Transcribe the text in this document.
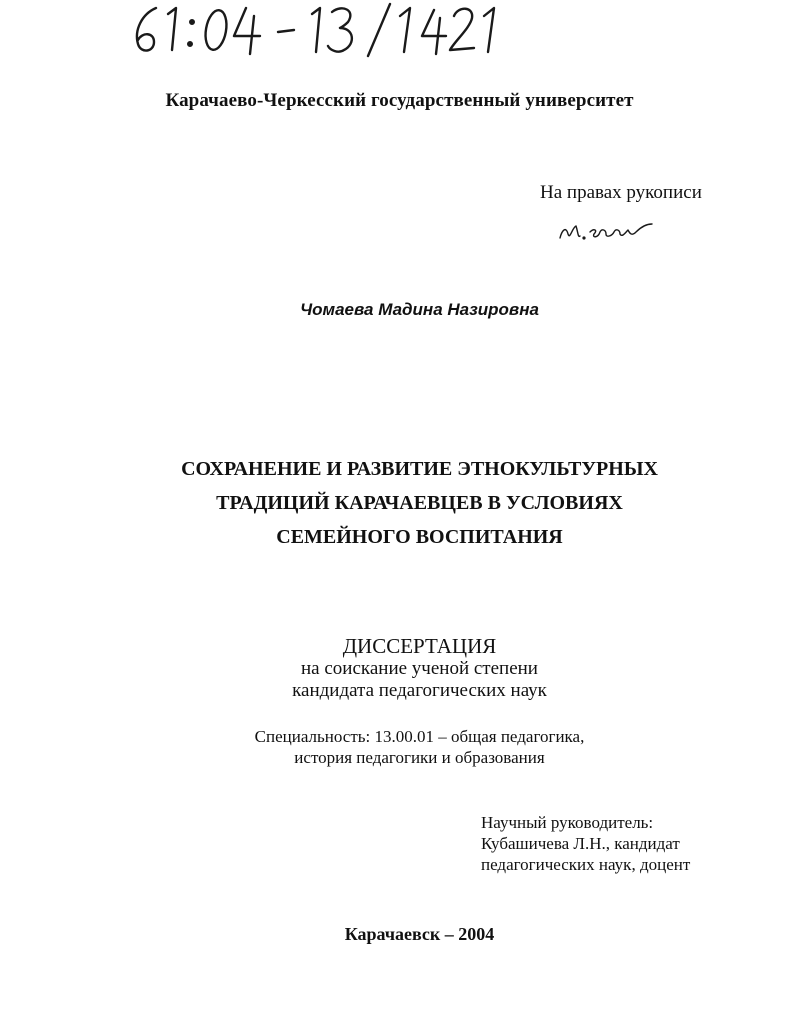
Карачаево-Черкесский государственный университет
На правах рукописи
Чомаева Мадина Назировна
СОХРАНЕНИЕ И РАЗВИТИЕ ЭТНОКУЛЬТУРНЫХ
ТРАДИЦИЙ КАРАЧАЕВЦЕВ В УСЛОВИЯХ
СЕМЕЙНОГО ВОСПИТАНИЯ
ДИССЕРТАЦИЯ
на соискание ученой степени
кандидата педагогических наук
Специальность: 13.00.01 – общая педагогика,
история педагогики и образования
Научный руководитель:
Кубашичева Л.Н., кандидат
педагогических наук, доцент
Карачаевск – 2004
